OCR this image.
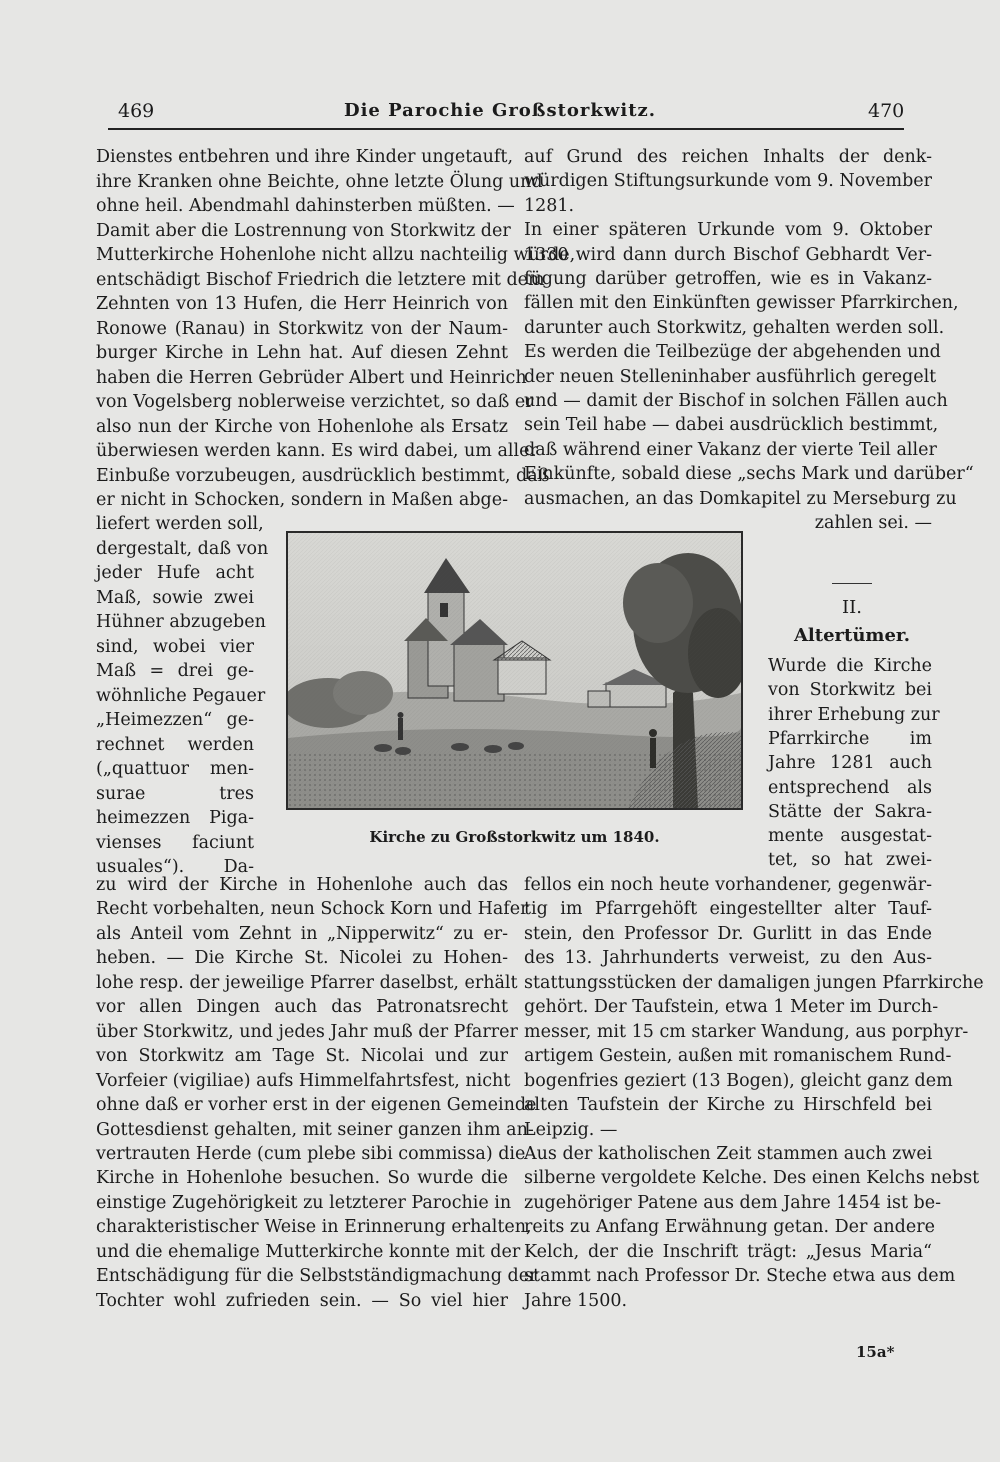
469	Die Parochie Großstorkwitz.	470
Dienstes entbehren und ihre Kinder ungetauft,
ihre Kranken ohne Beichte, ohne letzte Ölung und
ohne heil. Abendmahl dahinsterben müßten. —
Damit aber die Lostrennung von Storkwitz der
Mutterkirche Hohenlohe nicht allzu nachteilig würde,
entschädigt Bischof Friedrich die letztere mit dem
Zehnten von 13 Hufen, die Herr Heinrich von
Ronowe (Ranau) in Storkwitz von der Naum-
burger Kirche in Lehn hat. Auf diesen Zehnt
haben die Herren Gebrüder Albert und Heinrich
von Vogelsberg noblerweise verzichtet, so daß er
also nun der Kirche von Hohenlohe als Ersatz
überwiesen werden kann. Es wird dabei, um aller
Einbuße vorzubeugen, ausdrücklich bestimmt, daß
er nicht in Schocken, sondern in Maßen abge-
liefert werden soll,
dergestalt, daß von
jeder Hufe acht
Maß, sowie zwei
Hühner abzugeben
sind, wobei vier
Maß = drei ge-
wöhnliche Pegauer
„Heimezzen“ ge-
rechnet werden
(„quattuor men-
surae tres
heimezzen Piga-
vienses faciunt
usuales“). Da-
zu wird der Kirche in Hohenlohe auch das
Recht vorbehalten, neun Schock Korn und Hafer
als Anteil vom Zehnt in „Nipperwitz“ zu er-
heben. — Die Kirche St. Nicolei zu Hohen-
lohe resp. der jeweilige Pfarrer daselbst, erhält
vor allen Dingen auch das Patronatsrecht
über Storkwitz, und jedes Jahr muß der Pfarrer
von Storkwitz am Tage St. Nicolai und zur
Vorfeier (vigiliae) aufs Himmelfahrtsfest, nicht
ohne daß er vorher erst in der eigenen Gemeinde
Gottesdienst gehalten, mit seiner ganzen ihm an-
vertrauten Herde (cum plebe sibi commissa) die
Kirche in Hohenlohe besuchen. So wurde die
einstige Zugehörigkeit zu letzterer Parochie in
charakteristischer Weise in Erinnerung erhalten,
und die ehemalige Mutterkirche konnte mit der
Entschädigung für die Selbstständigmachung der
Tochter wohl zufrieden sein. — So viel hier
auf Grund des reichen Inhalts der denk-
würdigen Stiftungsurkunde vom 9. November
1281.
In einer späteren Urkunde vom 9. Oktober
1330 wird dann durch Bischof Gebhardt Ver-
fügung darüber getroffen, wie es in Vakanz-
fällen mit den Einkünften gewisser Pfarrkirchen,
darunter auch Storkwitz, gehalten werden soll.
Es werden die Teilbezüge der abgehenden und
der neuen Stelleninhaber ausführlich geregelt
und — damit der Bischof in solchen Fällen auch
sein Teil habe — dabei ausdrücklich bestimmt,
daß während einer Vakanz der vierte Teil aller
Einkünfte, sobald diese „sechs Mark und darüber“
ausmachen, an das Domkapitel zu Merseburg zu
zahlen sei. —
Wurde die Kirche
von Storkwitz bei
ihrer Erhebung zur
Pfarrkirche im
Jahre 1281 auch
entsprechend als
Stätte der Sakra-
mente ausgestat-
tet, so hat zwei-
fellos ein noch heute vorhandener, gegenwär-
tig im Pfarrgehöft eingestellter alter Tauf-
stein, den Professor Dr. Gurlitt in das Ende
des 13. Jahrhunderts verweist, zu den Aus-
stattungsstücken der damaligen jungen Pfarrkirche
gehört. Der Taufstein, etwa 1 Meter im Durch-
messer, mit 15 cm starker Wandung, aus porphyr-
artigem Gestein, außen mit romanischem Rund-
bogenfries geziert (13 Bogen), gleicht ganz dem
alten Taufstein der Kirche zu Hirschfeld bei
Leipzig. —
Aus der katholischen Zeit stammen auch zwei
silberne vergoldete Kelche. Des einen Kelchs nebst
zugehöriger Patene aus dem Jahre 1454 ist be-
reits zu Anfang Erwähnung getan. Der andere
Kelch, der die Inschrift trägt: „Jesus Maria“
stammt nach Professor Dr. Steche etwa aus dem
Jahre 1500.
II.
Altertümer.
Kirche zu Großstorkwitz um 1840.
15a*
